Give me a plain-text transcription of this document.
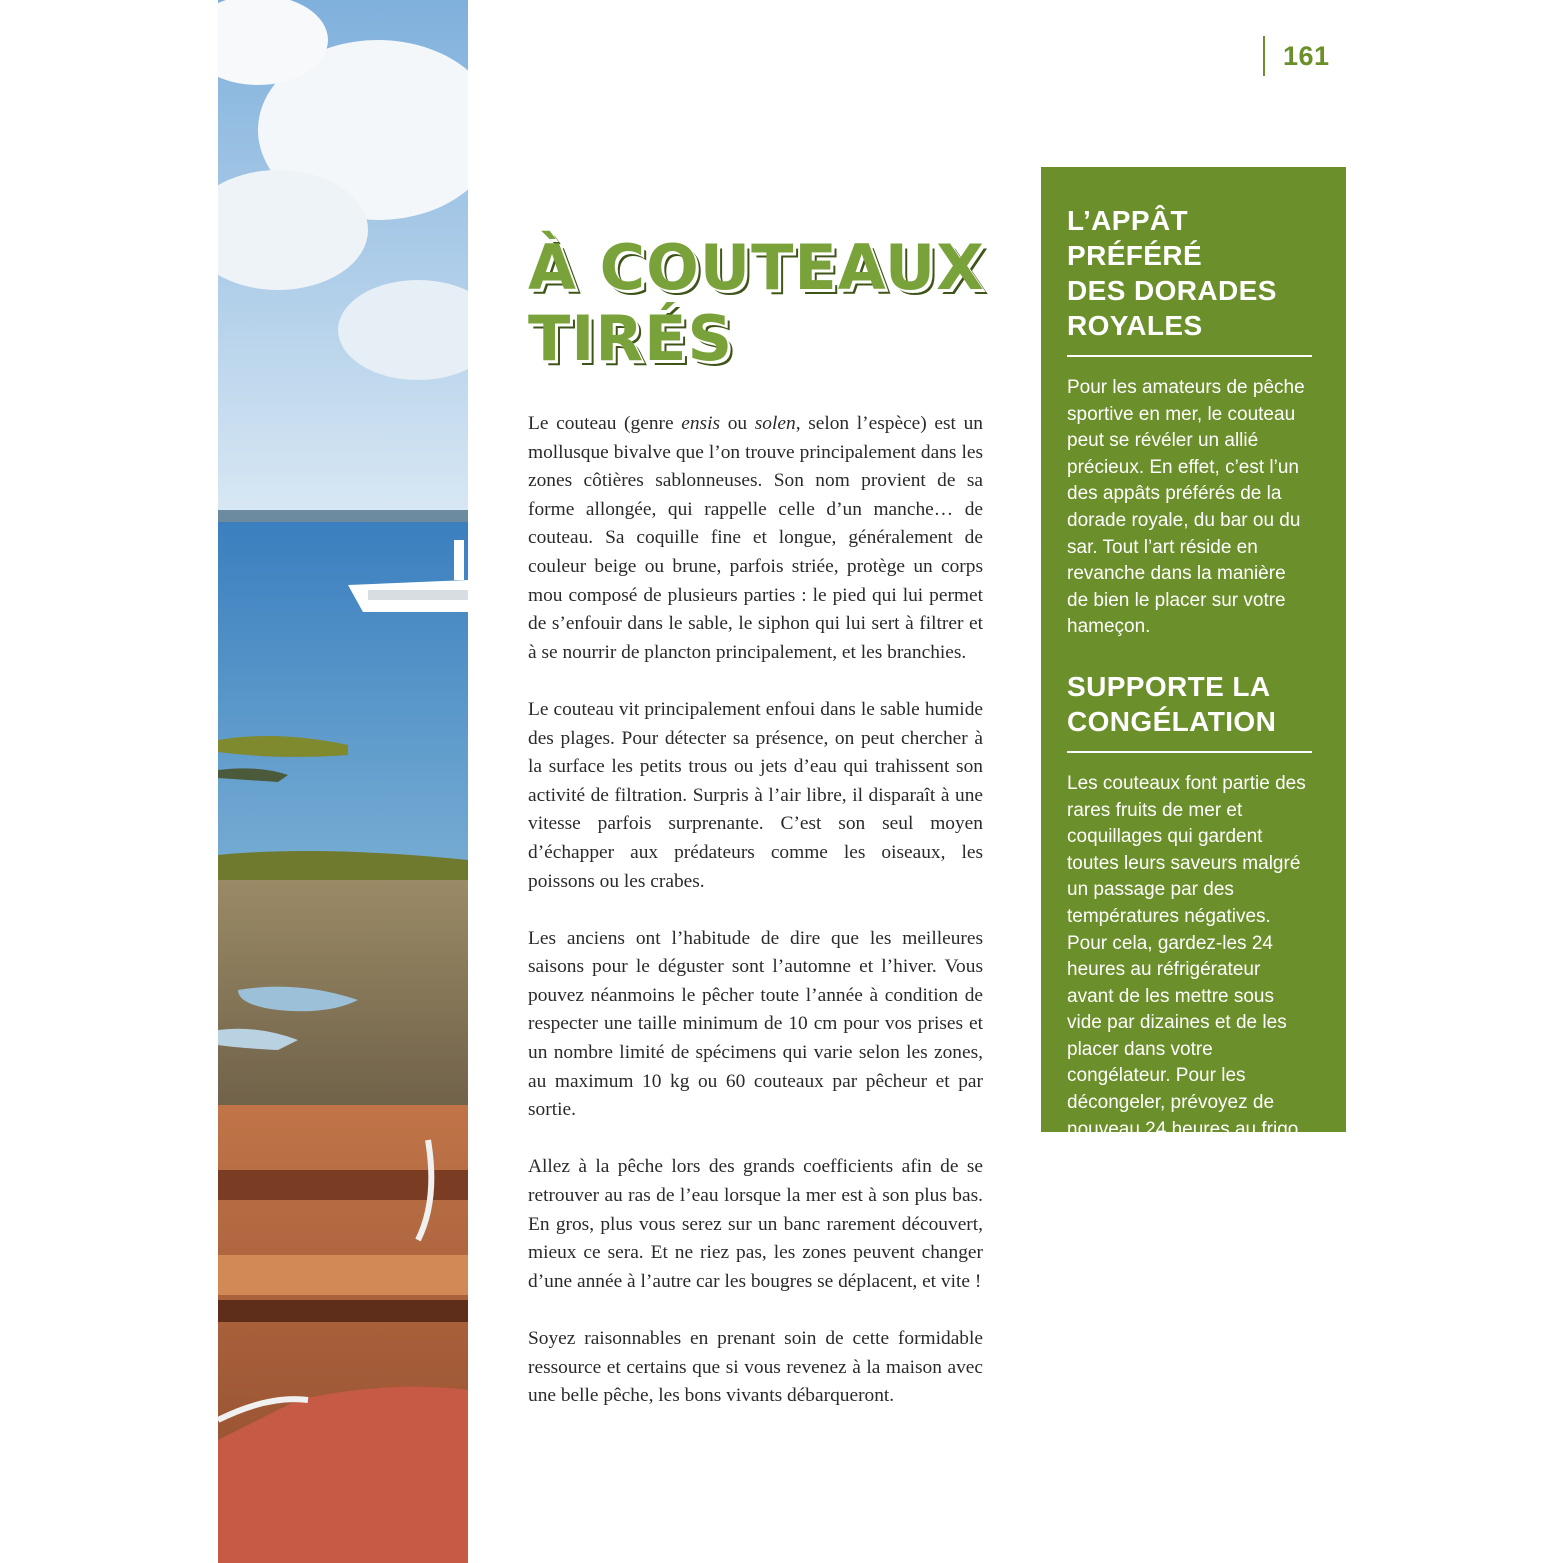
161
À COUTEAUX
TIRÉS

Le couteau (genre ensis ou solen, selon l’espèce) est un mollusque bivalve que l’on trouve principalement dans les zones côtières sablonneuses. Son nom provient de sa forme allongée, qui rappelle celle d’un manche… de couteau. Sa coquille fine et longue, généralement de couleur beige ou brune, parfois striée, protège un corps mou composé de plusieurs parties : le pied qui lui permet de s’enfouir dans le sable, le siphon qui lui sert à filtrer et à se nourrir de plancton principalement, et les branchies.

Le couteau vit principalement enfoui dans le sable humide des plages. Pour détecter sa présence, on peut chercher à la surface les petits trous ou jets d’eau qui trahissent son activité de filtration. Surpris à l’air libre, il disparaît à une vitesse parfois surprenante. C’est son seul moyen d’échapper aux prédateurs comme les oiseaux, les poissons ou les crabes.

Les anciens ont l’habitude de dire que les meilleures saisons pour le déguster sont l’automne et l’hiver. Vous pouvez néanmoins le pêcher toute l’année à condition de respecter une taille minimum de 10 cm pour vos prises et un nombre limité de spécimens qui varie selon les zones, au maximum 10 kg ou 60 couteaux par pêcheur et par sortie.

Allez à la pêche lors des grands coefficients afin de se retrouver au ras de l’eau lorsque la mer est à son plus bas. En gros, plus vous serez sur un banc rarement découvert, mieux ce sera. Et ne riez pas, les zones peuvent changer d’une année à l’autre car les bougres se déplacent, et vite !

Soyez raisonnables en prenant soin de cette formidable ressource et certains que si vous revenez à la maison avec une belle pêche, les bons vivants débarqueront.

L’APPÂT PRÉFÉRÉ
DES DORADES
ROYALES

Pour les amateurs de pêche sportive en mer, le couteau peut se révéler un allié précieux. En effet, c’est l’un des appâts préférés de la dorade royale, du bar ou du sar. Tout l’art réside en revanche dans la manière de bien le placer sur votre hameçon.

SUPPORTE LA
CONGÉLATION

Les couteaux font partie des rares fruits de mer et coquillages qui gardent toutes leurs saveurs malgré un passage par des températures négatives. Pour cela, gardez-les 24 heures au réfrigérateur avant de les mettre sous vide par dizaines et de les placer dans votre congélateur. Pour les décongeler, prévoyez de nouveau 24 heures au frigo.
